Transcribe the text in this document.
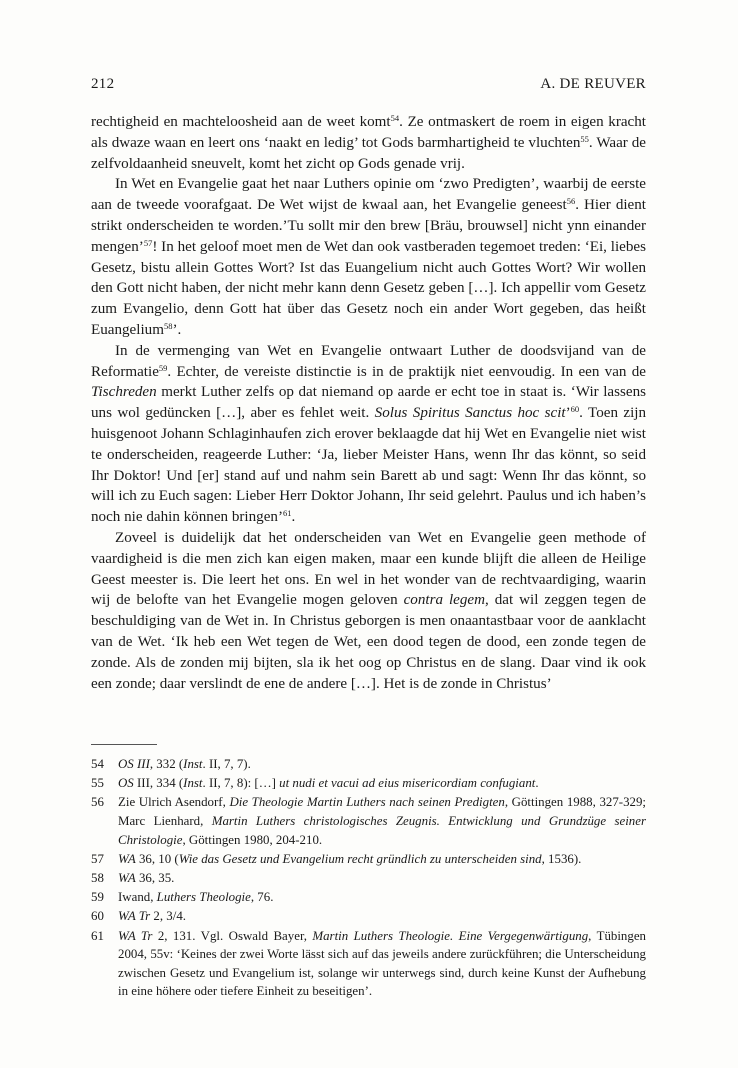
212	A. DE REUVER

rechtigheid en machteloosheid aan de weet komt$^{54}$. Ze ontmaskert de roem in eigen kracht als dwaze waan en leert ons ‘naakt en ledig’ tot Gods barmhartigheid te vluchten$^{55}$. Waar de zelfvoldaanheid sneuvelt, komt het zicht op Gods genade vrij.

In Wet en Evangelie gaat het naar Luthers opinie om ‘zwo Predigten’, waarbij de eerste aan de tweede voorafgaat. De Wet wijst de kwaal aan, het Evangelie geneest$^{56}$. Hier dient strikt onderscheiden te worden.’Tu sollt mir den brew [Bräu, brouwsel] nicht ynn einander mengen’$^{57}$! In het geloof moet men de Wet dan ook vastberaden tegemoet treden: ‘Ei, liebes Gesetz, bistu allein Gottes Wort? Ist das Euangelium nicht auch Gottes Wort? Wir wollen den Gott nicht haben, der nicht mehr kann denn Gesetz geben […]. Ich appellir vom Gesetz zum Evangelio, denn Gott hat über das Gesetz noch ein ander Wort gegeben, das heißt Euangelium$^{58}$’.

In de vermenging van Wet en Evangelie ontwaart Luther de doodsvijand van de Reformatie$^{59}$. Echter, de vereiste distinctie is in de praktijk niet eenvoudig. In een van de Tischreden merkt Luther zelfs op dat niemand op aarde er echt toe in staat is. ‘Wir lassens uns wol gedüncken […], aber es fehlet weit. Solus Spiritus Sanctus hoc scit’$^{60}$. Toen zijn huisgenoot Johann Schlaginhaufen zich erover beklaagde dat hij Wet en Evangelie niet wist te onderscheiden, reageerde Luther: ‘Ja, lieber Meister Hans, wenn Ihr das könnt, so seid Ihr Doktor! Und [er] stand auf und nahm sein Barett ab und sagt: Wenn Ihr das könnt, so will ich zu Euch sagen: Lieber Herr Doktor Johann, Ihr seid gelehrt. Paulus und ich haben’s noch nie dahin können bringen’$^{61}$.

Zoveel is duidelijk dat het onderscheiden van Wet en Evangelie geen methode of vaardigheid is die men zich kan eigen maken, maar een kunde blijft die alleen de Heilige Geest meester is. Die leert het ons. En wel in het wonder van de rechtvaardiging, waarin wij de belofte van het Evangelie mogen geloven contra legem, dat wil zeggen tegen de beschuldiging van de Wet in. In Christus geborgen is men onaantastbaar voor de aanklacht van de Wet. ‘Ik heb een Wet tegen de Wet, een dood tegen de dood, een zonde tegen de zonde. Als de zonden mij bijten, sla ik het oog op Christus en de slang. Daar vind ik ook een zonde; daar verslindt de ene de andere […]. Het is de zonde in Christus’

54	OS III, 332 (Inst. II, 7, 7).
55	OS III, 334 (Inst. II, 7, 8): […] ut nudi et vacui ad eius misericordiam confugiant.
56	Zie Ulrich Asendorf, Die Theologie Martin Luthers nach seinen Predigten, Göttingen 1988, 327-329; Marc Lienhard, Martin Luthers christologisches Zeugnis. Entwicklung und Grundzüge seiner Christologie, Göttingen 1980, 204-210.
57	WA 36, 10 (Wie das Gesetz und Evangelium recht gründlich zu unterscheiden sind, 1536).
58	WA 36, 35.
59	Iwand, Luthers Theologie, 76.
60	WA Tr 2, 3/4.
61	WA Tr 2, 131. Vgl. Oswald Bayer, Martin Luthers Theologie. Eine Vergegenwärtigung, Tübingen 2004, 55v: ‘Keines der zwei Worte lässt sich auf das jeweils andere zurückführen; die Unterscheidung zwischen Gesetz und Evangelium ist, solange wir unterwegs sind, durch keine Kunst der Aufhebung in eine höhere oder tiefere Einheit zu beseitigen’.
